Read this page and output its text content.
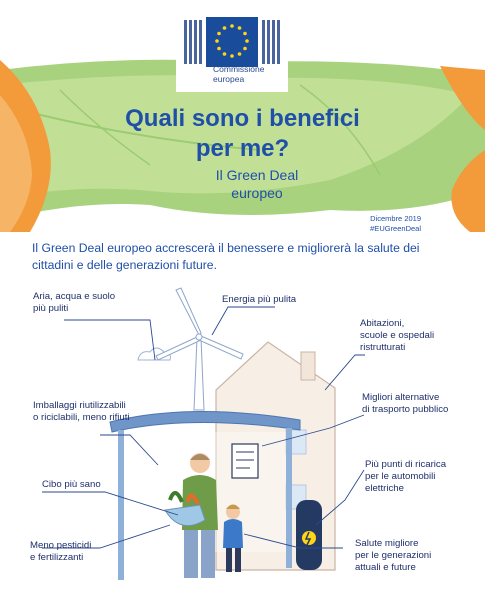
Commissione
europea
Quali sono i benefici
per me?
Il Green Deal
europeo
Dicembre 2019
#EUGreenDeal
Il Green Deal europeo accrescerà il benessere e migliorerà la salute dei cittadini e delle generazioni future.
Aria, acqua e suolo
più puliti
Energia più pulita
Abitazioni,
scuole e ospedali
ristrutturati
Imballaggi riutilizzabili
o riciclabili, meno rifiuti
Migliori alternative
di trasporto pubblico
Più punti di ricarica
per le automobili
elettriche
Cibo più sano
Meno pesticidi
e fertilizzanti
Salute migliore
per le generazioni
attuali e future
